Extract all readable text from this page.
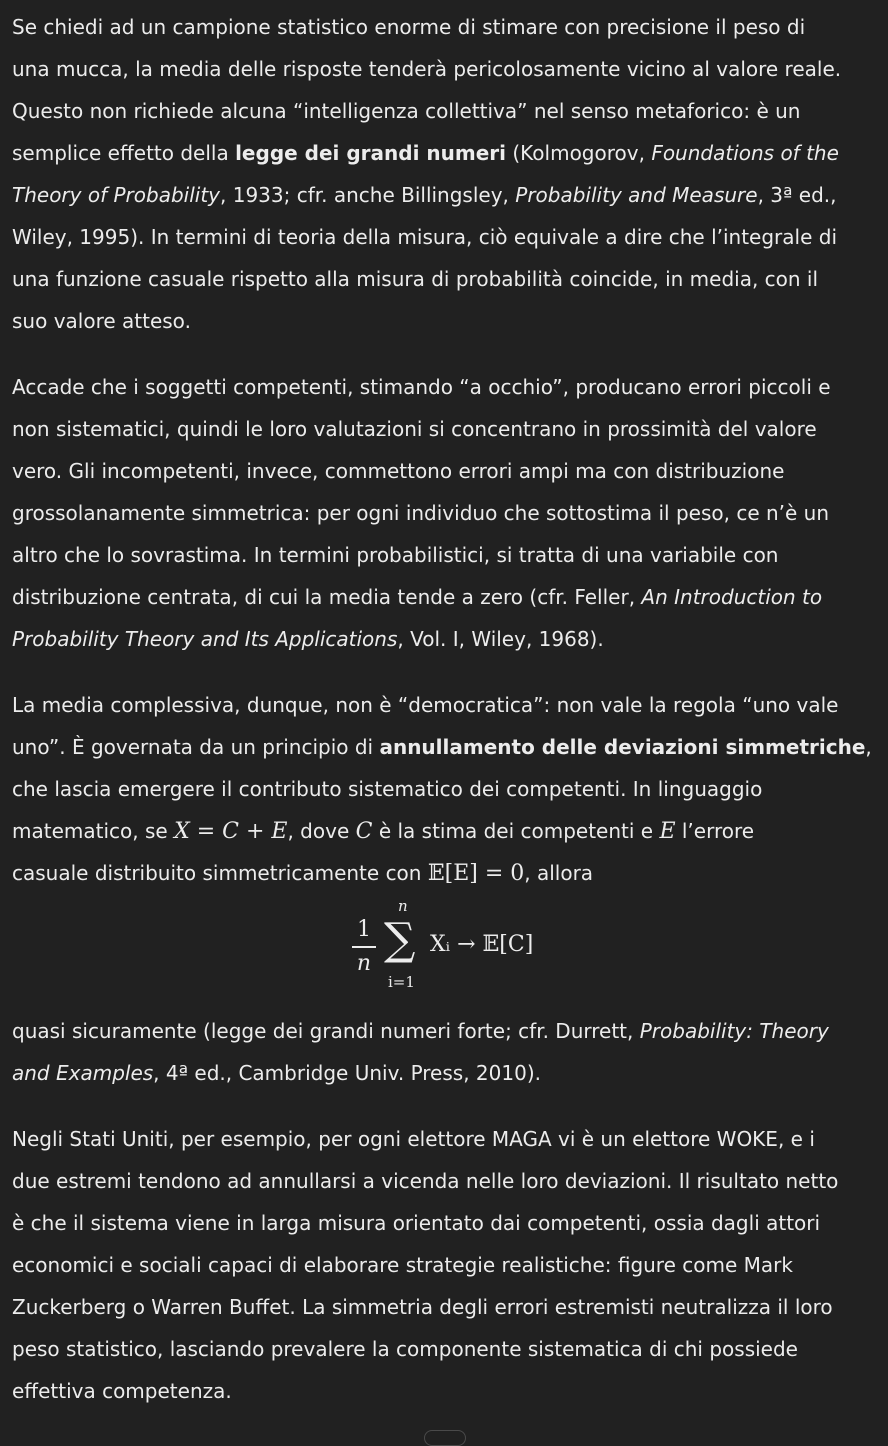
Se chiedi ad un campione statistico enorme di stimare con precisione il peso di
una mucca, la media delle risposte tenderà pericolosamente vicino al valore reale.
Questo non richiede alcuna “intelligenza collettiva” nel senso metaforico: è un
semplice effetto della legge dei grandi numeri (Kolmogorov, Foundations of the
Theory of Probability, 1933; cfr. anche Billingsley, Probability and Measure, 3ª ed.,
Wiley, 1995). In termini di teoria della misura, ciò equivale a dire che l’integrale di
una funzione casuale rispetto alla misura di probabilità coincide, in media, con il
suo valore atteso.

Accade che i soggetti competenti, stimando “a occhio”, producano errori piccoli e
non sistematici, quindi le loro valutazioni si concentrano in prossimità del valore
vero. Gli incompetenti, invece, commettono errori ampi ma con distribuzione
grossolanamente simmetrica: per ogni individuo che sottostima il peso, ce n’è un
altro che lo sovrastima. In termini probabilistici, si tratta di una variabile con
distribuzione centrata, di cui la media tende a zero (cfr. Feller, An Introduction to
Probability Theory and Its Applications, Vol. I, Wiley, 1968).

La media complessiva, dunque, non è “democratica”: non vale la regola “uno vale
uno”. È governata da un principio di annullamento delle deviazioni simmetriche,
che lascia emergere il contributo sistematico dei competenti. In linguaggio
matematico, se X = C + E, dove C è la stima dei competenti e E l’errore
casuale distribuito simmetricamente con 𝔼[E] = 0, allora

1
n
n
∑
i=1
Xᵢ → 𝔼[C]

quasi sicuramente (legge dei grandi numeri forte; cfr. Durrett, Probability: Theory
and Examples, 4ª ed., Cambridge Univ. Press, 2010).

Negli Stati Uniti, per esempio, per ogni elettore MAGA vi è un elettore WOKE, e i
due estremi tendono ad annullarsi a vicenda nelle loro deviazioni. Il risultato netto
è che il sistema viene in larga misura orientato dai competenti, ossia dagli attori
economici e sociali capaci di elaborare strategie realistiche: figure come Mark
Zuckerberg o Warren Buffet. La simmetria degli errori estremisti neutralizza il loro
peso statistico, lasciando prevalere la componente sistematica di chi possiede
effettiva competenza.
